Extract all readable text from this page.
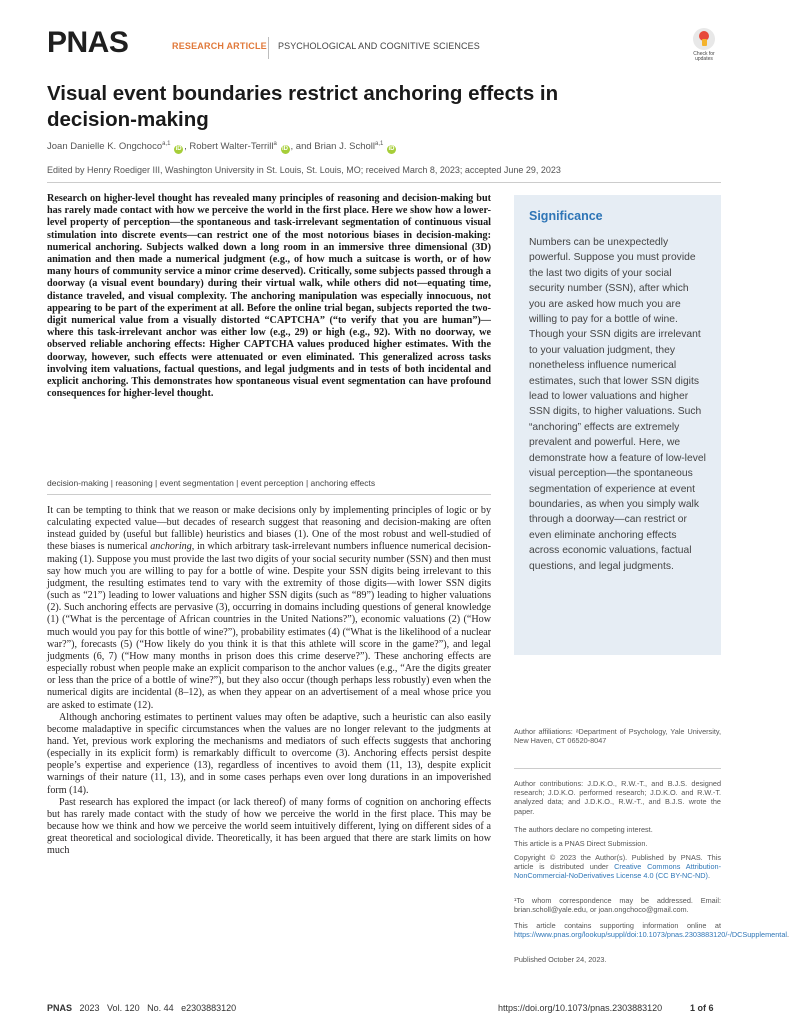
PNAS	RESEARCH ARTICLE PSYCHOLOGICAL AND COGNITIVE SCIENCES
Check for updates
Visual event boundaries restrict anchoring effects in decision-making
Joan Danielle K. Ongchoco$^{a,1}$ iD , Robert Walter-Terrill$^a$ iD , and Brian J. Scholl$^{a,1}$ iD
Edited by Henry Roediger III, Washington University in St. Louis, St. Louis, MO; received March 8, 2023; accepted June 29, 2023

Research on higher-level thought has revealed many principles of reasoning and decision-making but has rarely made contact with how we perceive the world in the first place. Here we show how a lower-level property of perception—the spontaneous and task-irrelevant segmentation of continuous visual stimulation into discrete events—can restrict one of the most notorious biases in decision-making: numerical anchoring. Subjects walked down a long room in an immersive three dimensional (3D) animation and then made a numerical judgment (e.g., of how much a suitcase is worth, or of how many hours of community service a minor crime deserved). Critically, some subjects passed through a doorway (a visual event boundary) during their virtual walk, while others did not—equating time, distance traveled, and visual complexity. The anchoring manipulation was especially innocuous, not appearing to be part of the experiment at all. Before the online trial began, subjects reported the two-digit numerical value from a visually distorted “CAPTCHA” (“to verify that you are human”)—where this task-irrelevant anchor was either low (e.g., 29) or high (e.g., 92). With no doorway, we observed reliable anchoring effects: Higher CAPTCHA values produced higher estimates. With the doorway, however, such effects were attenuated or even eliminated. This generalized across tasks involving item valuations, factual questions, and legal judgments and in tests of both incidental and explicit anchoring. This demonstrates how spontaneous visual event segmentation can have profound consequences for higher-level thought.

decision-making | reasoning | event segmentation | event perception | anchoring effects

It can be tempting to think that we reason or make decisions only by implementing principles of logic or by calculating expected value—but decades of research suggest that reasoning and decision-making are often instead guided by (useful but fallible) heuristics and biases (1). One of the most robust and well-studied of these biases is numerical anchoring, in which arbitrary task-irrelevant numbers influence numerical decision-making (1). Suppose you must provide the last two digits of your social security number (SSN) and then must say how much you are willing to pay for a bottle of wine. Despite your SSN digits being irrelevant to this judgment, the resulting estimates tend to vary with the extremity of those digits—with lower SSN digits (such as “21”) leading to lower valuations and higher SSN digits (such as “89”) leading to higher valuations (2). Such anchoring effects are pervasive (3), occurring in domains including questions of general knowledge (1) (“What is the percentage of African countries in the United Nations?”), economic valuations (2) (“How much would you pay for this bottle of wine?”), probability estimates (4) (“What is the likelihood of a nuclear war?”), forecasts (5) (“How likely do you think it is that this athlete will score in the game?”), and legal judgments (6, 7) (“How many months in prison does this crime deserve?”). These anchoring effects are especially robust when people make an explicit comparison to the anchor values (e.g., “Are the digits greater or less than the price of a bottle of wine?”), but they also occur (though perhaps less robustly) even when the numerical digits are incidental (8–12), as when they appear on an advertisement of a meal whose price you are asked to estimate (12).

Although anchoring estimates to pertinent values may often be adaptive, such a heuristic can also easily become maladaptive in specific circumstances when the values are no longer relevant to the judgments at hand. Yet, previous work exploring the mechanisms and mediators of such effects suggests that anchoring (especially in its explicit form) is remarkably difficult to overcome (3). Anchoring effects persist despite people’s expertise and experience (13), regardless of incentives to avoid them (11, 13), despite explicit warnings of their nature (11, 13), and in some cases perhaps even over long durations in an impoverished form (14).

Past research has explored the impact (or lack thereof) of many forms of cognition on anchoring effects but has rarely made contact with the study of how we perceive the world in the first place. This may be because how we think and how we perceive the world seem intuitively different, lying on different sides of a great theoretical and sociological divide. Theoretically, it has been argued that there are stark limits on how much

Significance

Numbers can be unexpectedly powerful. Suppose you must provide the last two digits of your social security number (SSN), after which you are asked how much you are willing to pay for a bottle of wine. Though your SSN digits are irrelevant to your valuation judgment, they nonetheless influence numerical estimates, such that lower SSN digits lead to lower valuations and higher SSN digits, to higher valuations. Such “anchoring” effects are extremely prevalent and powerful. Here, we demonstrate how a feature of low-level visual perception—the spontaneous segmentation of experience at event boundaries, as when you simply walk through a doorway—can restrict or even eliminate anchoring effects across economic valuations, factual questions, and legal judgments.

Author affiliations: ᵃDepartment of Psychology, Yale University, New Haven, CT 06520-8047

Author contributions: J.D.K.O., R.W.-T., and B.J.S. designed research; J.D.K.O. performed research; J.D.K.O. and R.W.-T. analyzed data; and J.D.K.O., R.W.-T., and B.J.S. wrote the paper.

The authors declare no competing interest.

This article is a PNAS Direct Submission.

Copyright © 2023 the Author(s). Published by PNAS. This article is distributed under Creative Commons Attribution-NonCommercial-NoDerivatives License 4.0 (CC BY-NC-ND).

¹To whom correspondence may be addressed. Email: brian.scholl@yale.edu, or joan.ongchoco@gmail.com.

This article contains supporting information online at https://www.pnas.org/lookup/suppl/doi:10.1073/pnas.2303883120/-/DCSupplemental.

Published October 24, 2023.

PNAS 2023   Vol. 120   No. 44   e2303883120	https://doi.org/10.1073/pnas.2303883120	1 of 6
